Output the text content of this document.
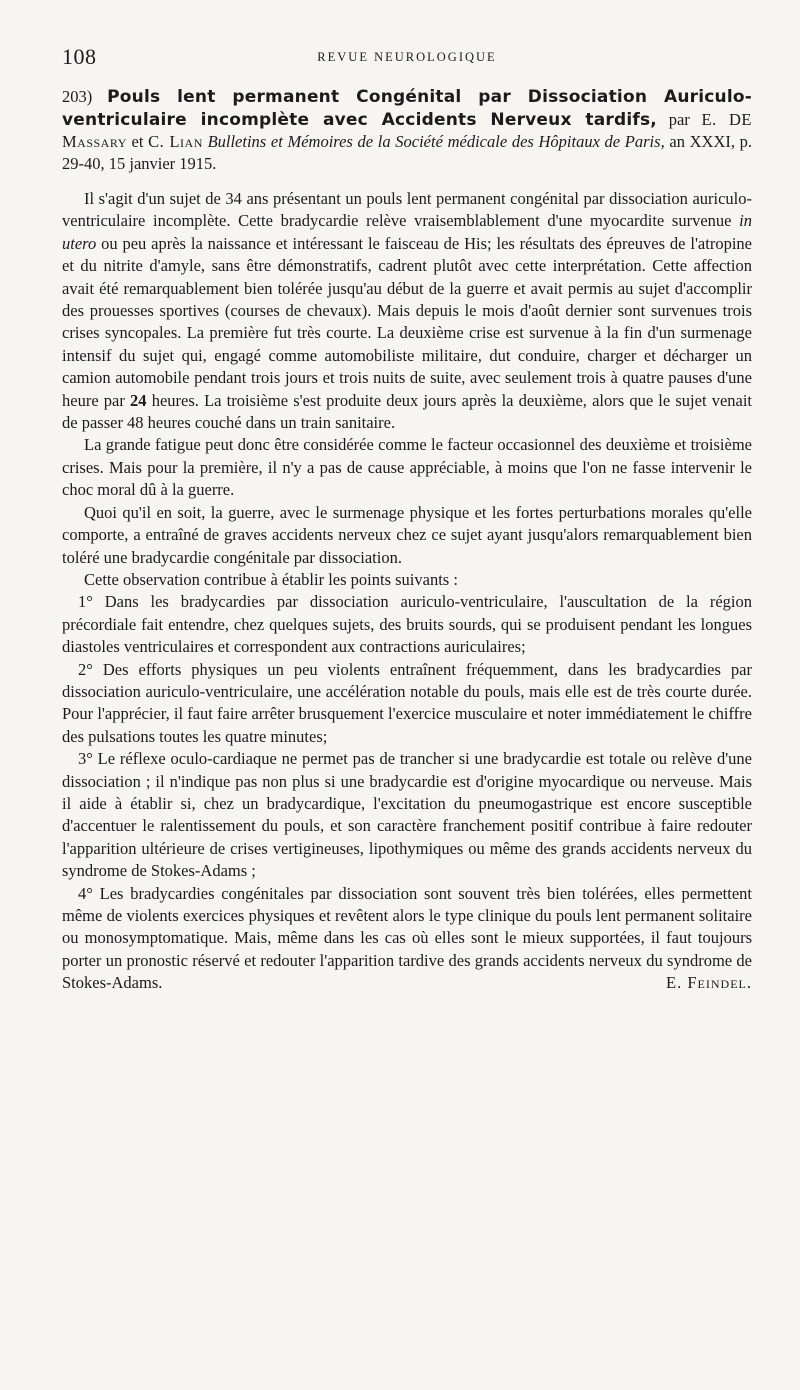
108	REVUE NEUROLOGIQUE

203) Pouls lent permanent Congénital par Dissociation Auriculo-ventriculaire incomplète avec Accidents Nerveux tardifs, par E. DE Massary et C. Lian Bulletins et Mémoires de la Société médicale des Hôpitaux de Paris, an XXXI, p. 29-40, 15 janvier 1915.

Il s'agit d'un sujet de 34 ans présentant un pouls lent permanent congénital par dissociation auriculo-ventriculaire incomplète. Cette bradycardie relève vraisemblablement d'une myocardite survenue in utero ou peu après la naissance et intéressant le faisceau de His; les résultats des épreuves de l'atropine et du nitrite d'amyle, sans être démonstratifs, cadrent plutôt avec cette interprétation. Cette affection avait été remarquablement bien tolérée jusqu'au début de la guerre et avait permis au sujet d'accomplir des prouesses sportives (courses de chevaux). Mais depuis le mois d'août dernier sont survenues trois crises syncopales. La première fut très courte. La deuxième crise est survenue à la fin d'un surmenage intensif du sujet qui, engagé comme automobiliste militaire, dut conduire, charger et décharger un camion automobile pendant trois jours et trois nuits de suite, avec seulement trois à quatre pauses d'une heure par 24 heures. La troisième s'est produite deux jours après la deuxième, alors que le sujet venait de passer 48 heures couché dans un train sanitaire.

La grande fatigue peut donc être considérée comme le facteur occasionnel des deuxième et troisième crises. Mais pour la première, il n'y a pas de cause appréciable, à moins que l'on ne fasse intervenir le choc moral dû à la guerre.

Quoi qu'il en soit, la guerre, avec le surmenage physique et les fortes perturbations morales qu'elle comporte, a entraîné de graves accidents nerveux chez ce sujet ayant jusqu'alors remarquablement bien toléré une bradycardie congénitale par dissociation.

Cette observation contribue à établir les points suivants :

1° Dans les bradycardies par dissociation auriculo-ventriculaire, l'auscultation de la région précordiale fait entendre, chez quelques sujets, des bruits sourds, qui se produisent pendant les longues diastoles ventriculaires et correspondent aux contractions auriculaires;

2° Des efforts physiques un peu violents entraînent fréquemment, dans les bradycardies par dissociation auriculo-ventriculaire, une accélération notable du pouls, mais elle est de très courte durée. Pour l'apprécier, il faut faire arrêter brusquement l'exercice musculaire et noter immédiatement le chiffre des pulsations toutes les quatre minutes;

3° Le réflexe oculo-cardiaque ne permet pas de trancher si une bradycardie est totale ou relève d'une dissociation ; il n'indique pas non plus si une bradycardie est d'origine myocardique ou nerveuse. Mais il aide à établir si, chez un bradycardique, l'excitation du pneumogastrique est encore susceptible d'accentuer le ralentissement du pouls, et son caractère franchement positif contribue à faire redouter l'apparition ultérieure de crises vertigineuses, lipothymiques ou même des grands accidents nerveux du syndrome de Stokes-Adams ;

4° Les bradycardies congénitales par dissociation sont souvent très bien tolérées, elles permettent même de violents exercices physiques et revêtent alors le type clinique du pouls lent permanent solitaire ou monosymptomatique. Mais, même dans les cas où elles sont le mieux supportées, il faut toujours porter un pronostic réservé et redouter l'apparition tardive des grands accidents nerveux du syndrome de Stokes-Adams.	E. Feindel.
